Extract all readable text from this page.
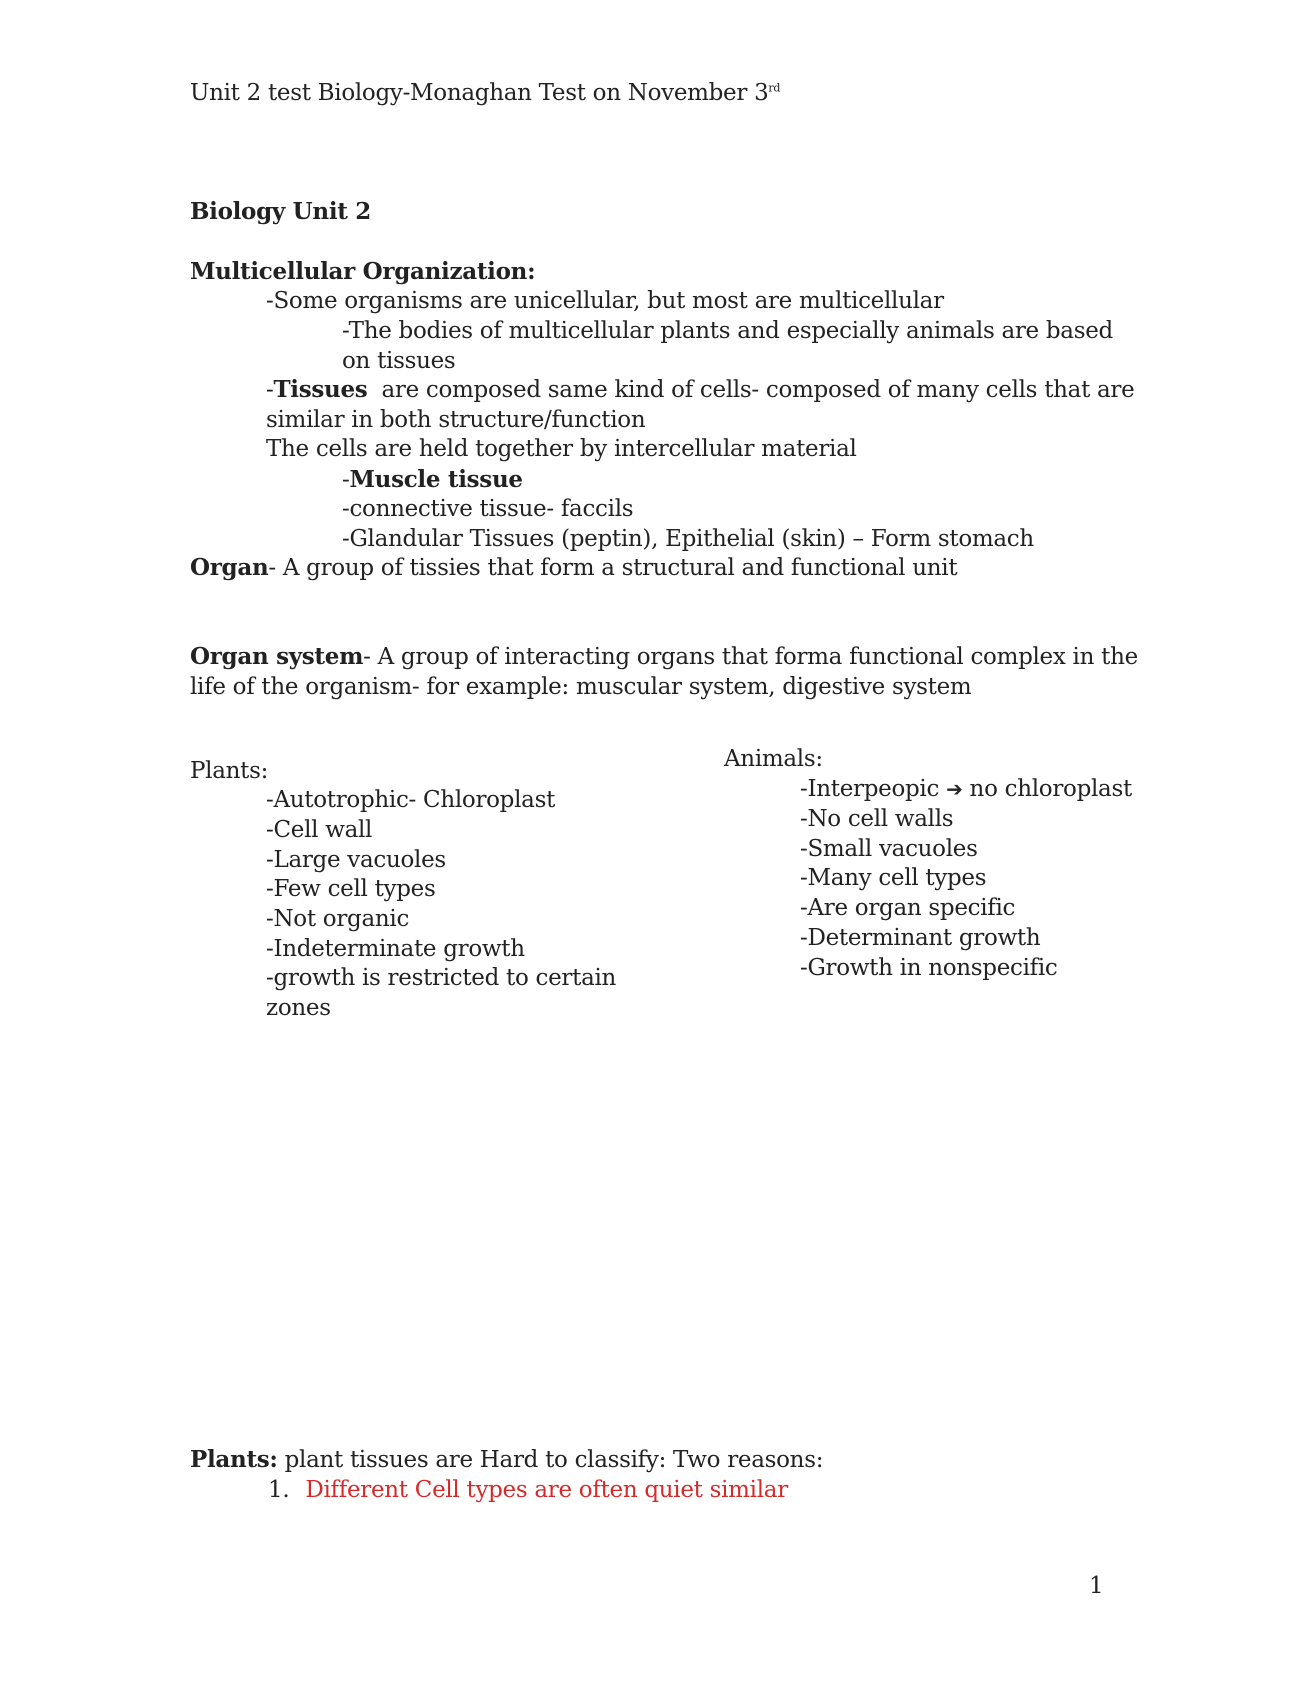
Unit 2 test Biology-Monaghan Test on November 3rd
Biology Unit 2
Multicellular Organization:
-Some organisms are unicellular, but most are multicellular
-The bodies of multicellular plants and especially animals are based
on tissues
-Tissues  are composed same kind of cells- composed of many cells that are
similar in both structure/function
The cells are held together by intercellular material
-Muscle tissue
-connective tissue- faccils
-Glandular Tissues (peptin), Epithelial (skin) – Form stomach
Organ- A group of tissies that form a structural and functional unit
Organ system- A group of interacting organs that forma functional complex in the
life of the organism- for example: muscular system, digestive system
Plants:
-Autotrophic- Chloroplast
-Cell wall
-Large vacuoles
-Few cell types
-Not organic
-Indeterminate growth
-growth is restricted to certain
zones
Animals:
-Interpeopic ➔ no chloroplast
-No cell walls
-Small vacuoles
-Many cell types
-Are organ specific
-Determinant growth
-Growth in nonspecific
Plants: plant tissues are Hard to classify: Two reasons:
1. Different Cell types are often quiet similar
1
